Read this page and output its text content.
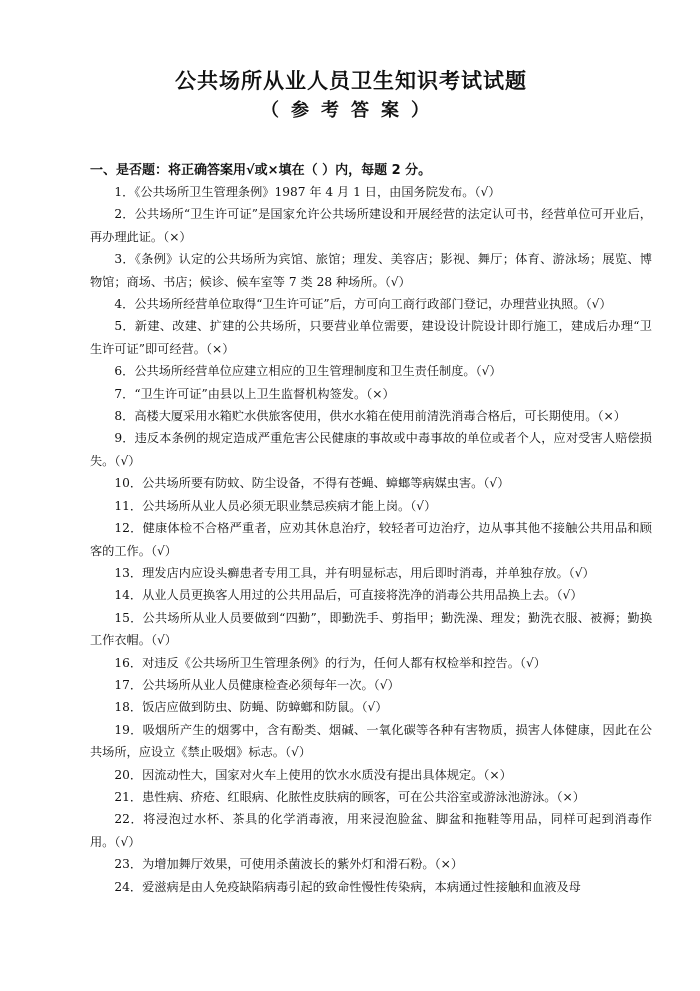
公共场所从业人员卫生知识考试试题
（参考答案）
一、是否题：将正确答案用√或×填在（ ）内，每题 2 分。

1．《公共场所卫生管理条例》1987 年 4 月 1 日，由国务院发布。（√）

2．公共场所“卫生许可证”是国家允许公共场所建设和开展经营的法定认可书，经营单位可开业后，再办理此证。（×）

3．《条例》认定的公共场所为宾馆、旅馆；理发、美容店；影视、舞厅；体育、游泳场；展览、博物馆；商场、书店；候诊、候车室等 7 类 28 种场所。（√）

4．公共场所经营单位取得“卫生许可证”后，方可向工商行政部门登记，办理营业执照。（√）

5．新建、改建、扩建的公共场所，只要营业单位需要，建设设计院设计即行施工，建成后办理“卫生许可证”即可经营。（×）

6．公共场所经营单位应建立相应的卫生管理制度和卫生责任制度。（√）

7．“卫生许可证”由县以上卫生监督机构签发。（×）

8．高楼大厦采用水箱贮水供旅客使用，供水水箱在使用前清洗消毒合格后，可长期使用。（×）

9．违反本条例的规定造成严重危害公民健康的事故或中毒事故的单位或者个人，应对受害人赔偿损失。（√）

10．公共场所要有防蚊、防尘设备，不得有苍蝇、蟑螂等病媒虫害。（√）

11．公共场所从业人员必须无职业禁忌疾病才能上岗。（√）

12．健康体检不合格严重者，应劝其休息治疗，较轻者可边治疗，边从事其他不接触公共用品和顾客的工作。（√）

13．理发店内应设头癣患者专用工具，并有明显标志，用后即时消毒，并单独存放。（√）

14．从业人员更换客人用过的公共用品后，可直接将洗净的消毒公共用品换上去。（√）

15．公共场所从业人员要做到“四勤”，即勤洗手、剪指甲；勤洗澡、理发；勤洗衣服、被褥；勤换工作衣帽。（√）

16．对违反《公共场所卫生管理条例》的行为，任何人都有权检举和控告。（√）

17．公共场所从业人员健康检查必须每年一次。（√）

18．饭店应做到防虫、防蝇、防蟑螂和防鼠。（√）

19．吸烟所产生的烟雾中，含有酚类、烟碱、一氧化碳等各种有害物质，损害人体健康，因此在公共场所，应设立《禁止吸烟》标志。（√）

20．因流动性大，国家对火车上使用的饮水水质没有提出具体规定。（×）

21．患性病、疥疮、红眼病、化脓性皮肤病的顾客，可在公共浴室或游泳池游泳。（×）

22．将浸泡过水杯、茶具的化学消毒液，用来浸泡脸盆、脚盆和拖鞋等用品，同样可起到消毒作用。（√）

23．为增加舞厅效果，可使用杀菌波长的紫外灯和滑石粉。（×）

24．爱滋病是由人免疫缺陷病毒引起的致命性慢性传染病，本病通过性接触和血液及母
